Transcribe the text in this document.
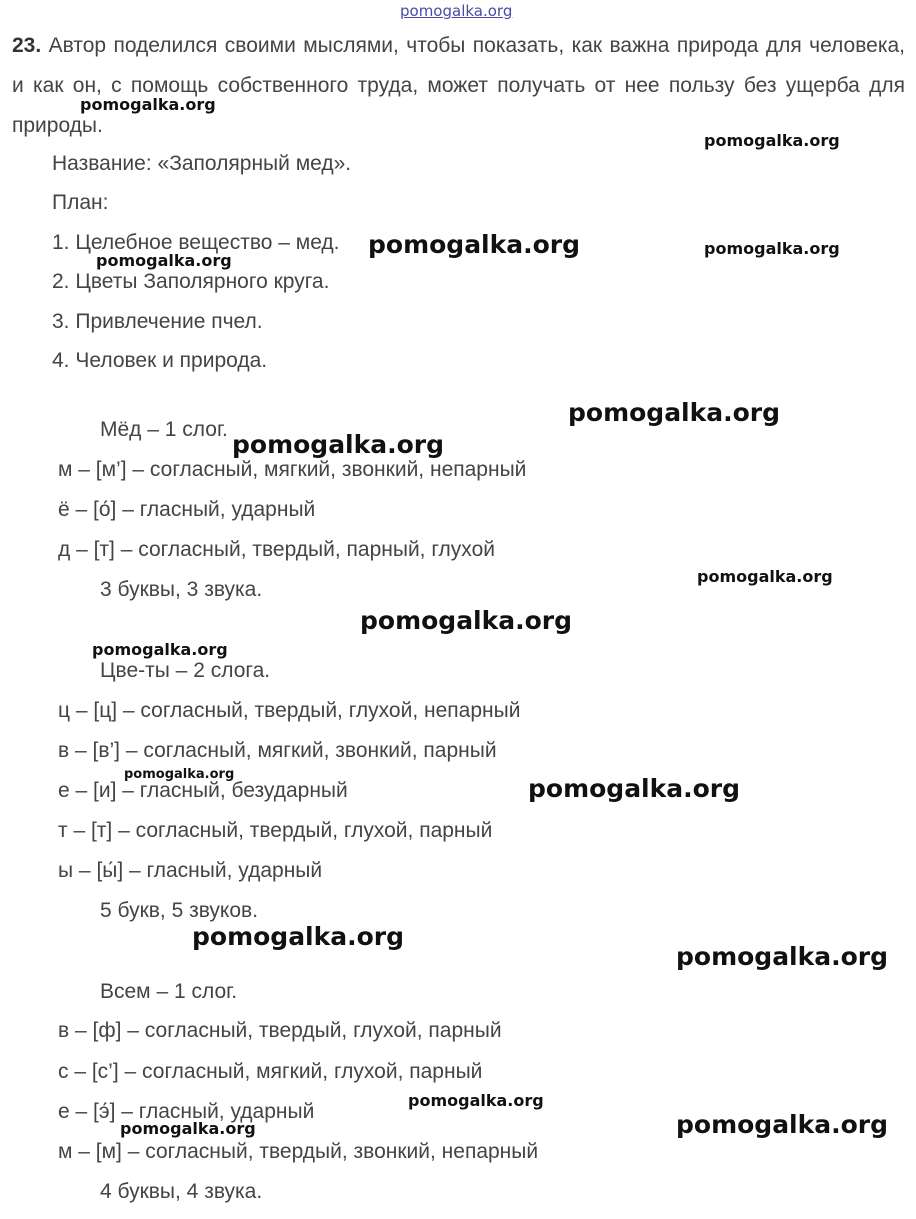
pomogalka.org
23. Автор поделился своими мыслями, чтобы показать, как важна природа для человека, и как он, с помощь собственного труда, может получать от нее пользу без ущерба для природы.
Название: «Заполярный мед».
План:
1. Целебное вещество – мед.
2. Цветы Заполярного круга.
3. Привлечение пчел.
4. Человек и природа.
Мёд – 1 слог.
м – [м’] – согласный, мягкий, звонкий, непарный
ё – [о́] – гласный, ударный
д – [т] – согласный, твердый, парный, глухой
3 буквы, 3 звука.
Цве-ты – 2 слога.
ц – [ц] – согласный, твердый, глухой, непарный
в – [в’] – согласный, мягкий, звонкий, парный
е – [и] – гласный, безударный
т – [т] – согласный, твердый, глухой, парный
ы – [ы́] – гласный, ударный
5 букв, 5 звуков.
Всем – 1 слог.
в – [ф] – согласный, твердый, глухой, парный
с – [с’] – согласный, мягкий, глухой, парный
е – [э́] – гласный, ударный
м – [м] – согласный, твердый, звонкий, непарный
4 буквы, 4 звука.
pomogalka.org
pomogalka.org
pomogalka.org	pomogalka.org
pomogalka.org
pomogalka.org
pomogalka.org
pomogalka.org
pomogalka.org
pomogalka.org
pomogalka.org	pomogalka.org
pomogalka.org
pomogalka.org
pomogalka.org
pomogalka.org
pomogalka.org
